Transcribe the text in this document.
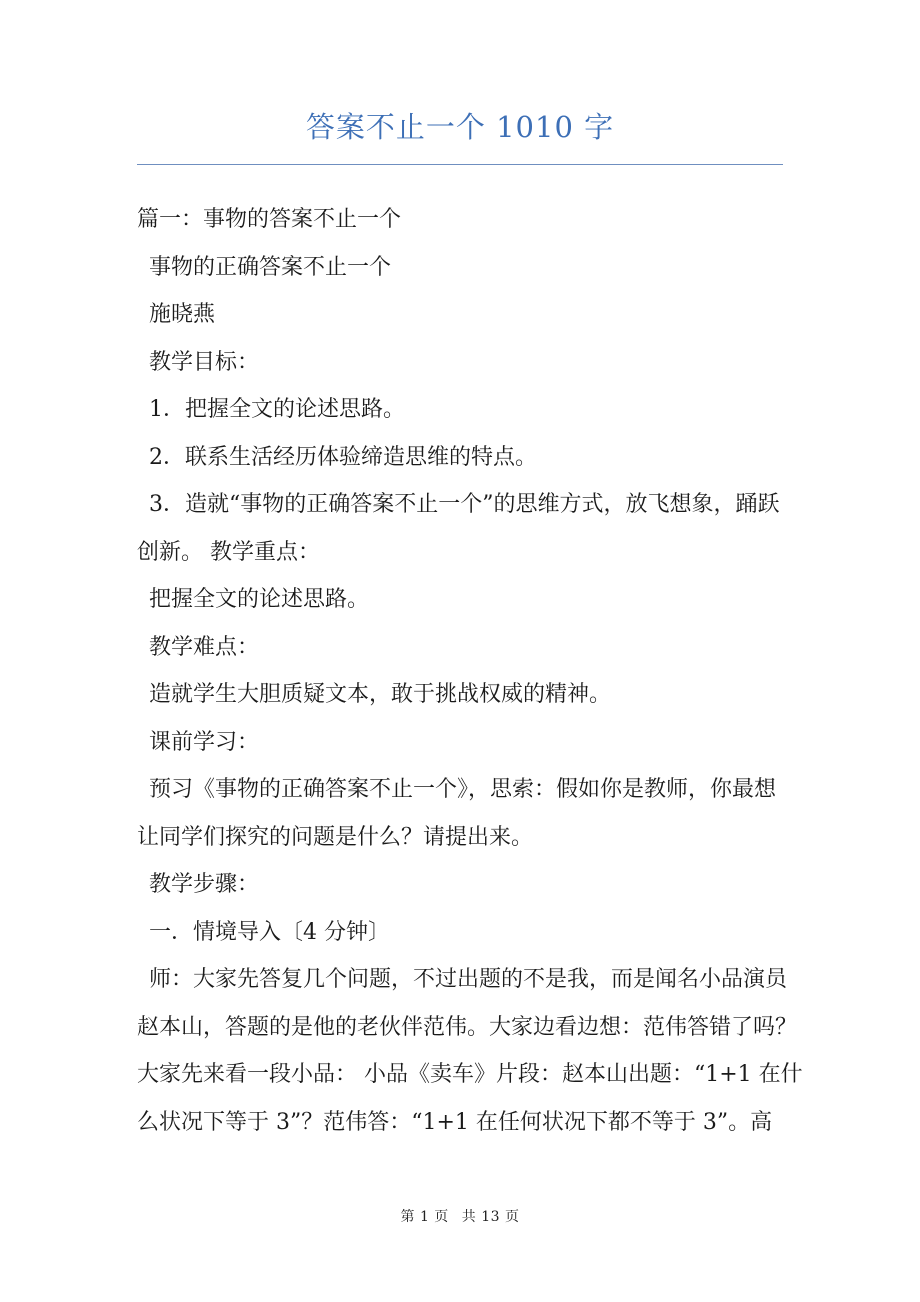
答案不止一个 1010 字

篇一：事物的答案不止一个

事物的正确答案不止一个

施晓燕

教学目标：

1．把握全文的论述思路。

2．联系生活经历体验缔造思维的特点。

3．造就“事物的正确答案不止一个”的思维方式，放飞想象，踊跃

创新。 教学重点：

把握全文的论述思路。

教学难点：

造就学生大胆质疑文本，敢于挑战权威的精神。

课前学习：

预习《事物的正确答案不止一个》，思索：假如你是教师，你最想

让同学们探究的问题是什么？请提出来。

教学步骤：

一．情境导入〔4 分钟〕

师：大家先答复几个问题，不过出题的不是我，而是闻名小品演员

赵本山，答题的是他的老伙伴范伟。大家边看边想：范伟答错了吗？

大家先来看一段小品： 小品《卖车》片段：赵本山出题：“1+1 在什

么状况下等于 3”？范伟答：“1+1 在任何状况下都不等于 3”。高

第 1 页 共 13 页
